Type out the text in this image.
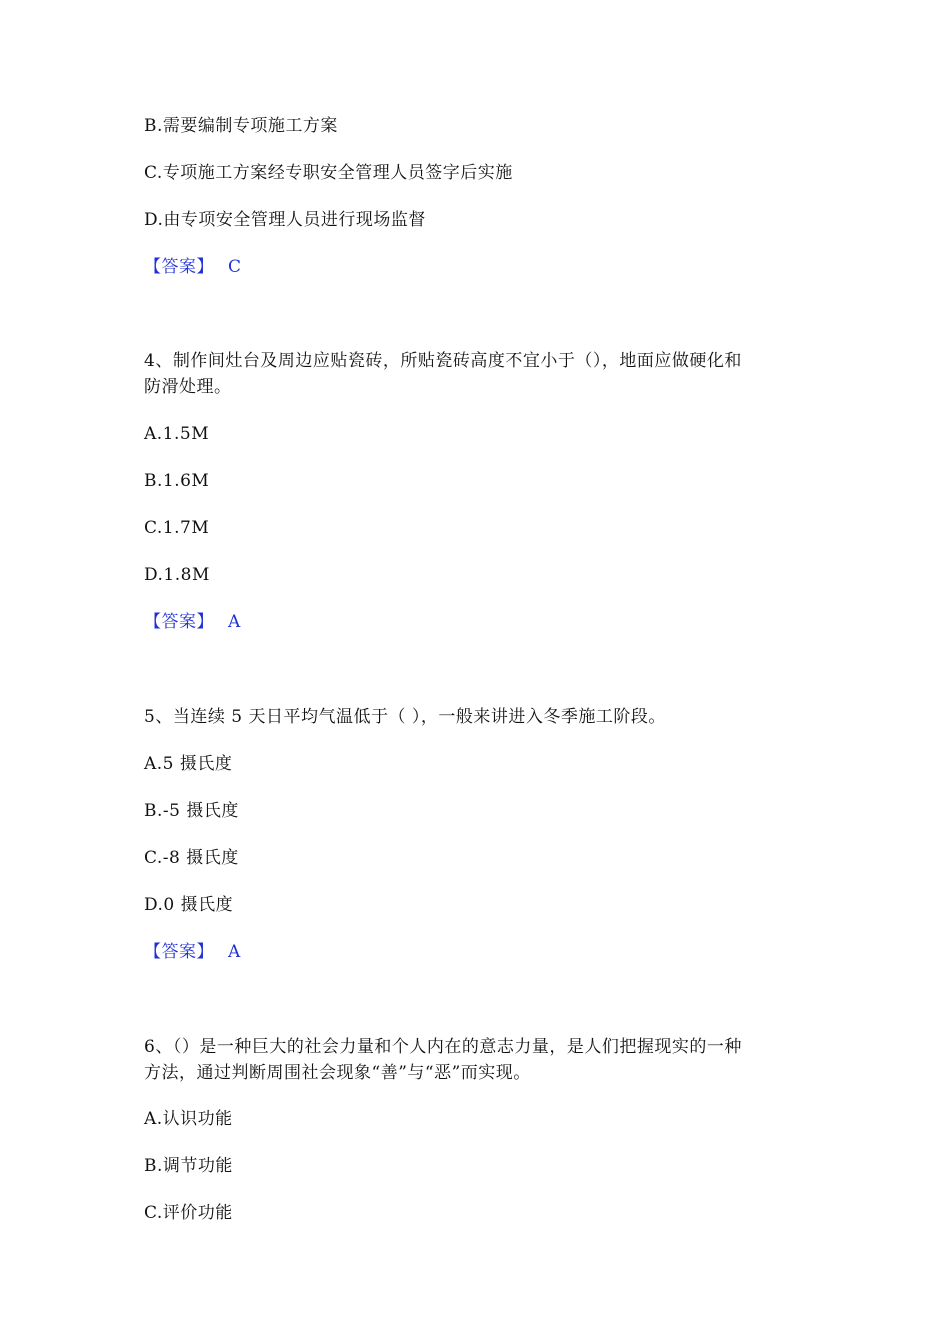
B.需要编制专项施工方案
C.专项施工方案经专职安全管理人员签字后实施
D.由专项安全管理人员进行现场监督
【答案】 C
4、制作间灶台及周边应贴瓷砖，所贴瓷砖高度不宜小于（），地面应做硬化和
防滑处理。
A.1.5M
B.1.6M
C.1.7M
D.1.8M
【答案】 A
5、当连续 5 天日平均气温低于（ ），一般来讲进入冬季施工阶段。
A.5 摄氏度
B.-5 摄氏度
C.-8 摄氏度
D.0 摄氏度
【答案】 A
6、（）是一种巨大的社会力量和个人内在的意志力量，是人们把握现实的一种
方法，通过判断周围社会现象“善”与“恶”而实现。
A.认识功能
B.调节功能
C.评价功能
